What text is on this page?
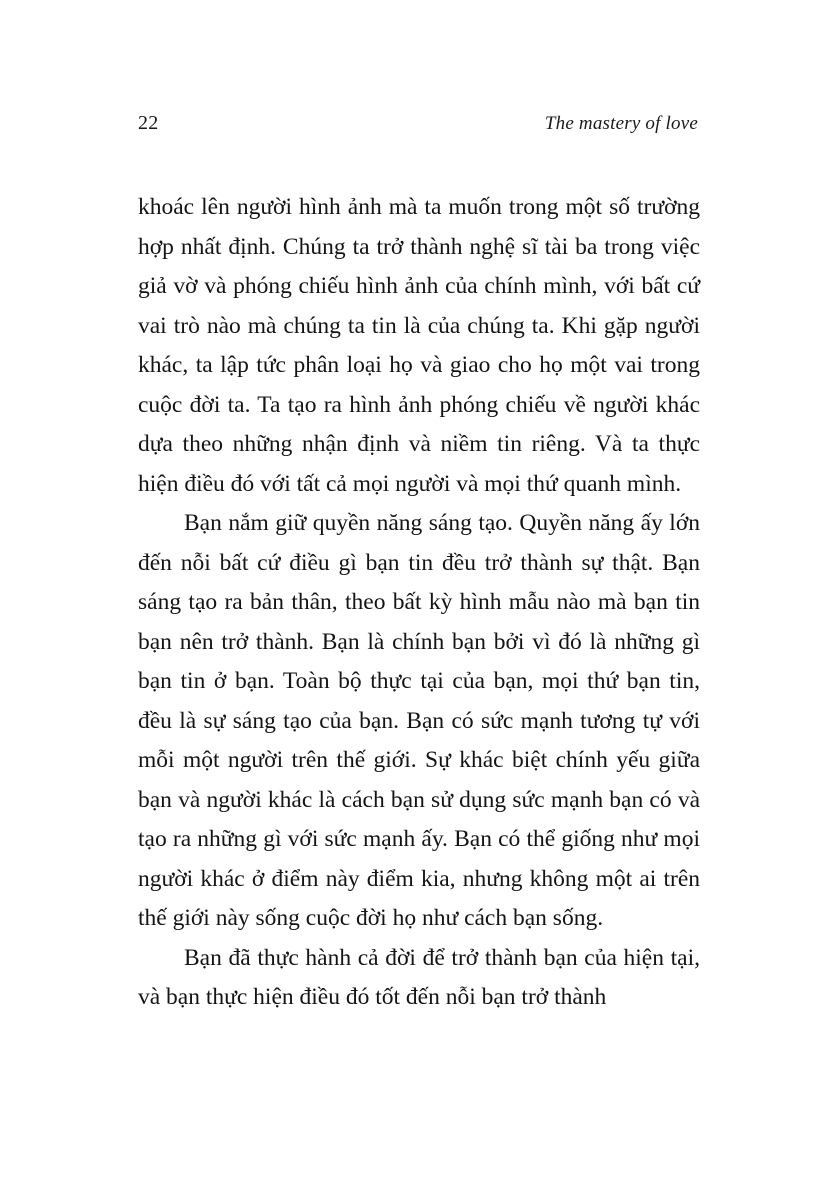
22	The mastery of love

khoác lên người hình ảnh mà ta muốn trong một số trường hợp nhất định. Chúng ta trở thành nghệ sĩ tài ba trong việc giả vờ và phóng chiếu hình ảnh của chính mình, với bất cứ vai trò nào mà chúng ta tin là của chúng ta. Khi gặp người khác, ta lập tức phân loại họ và giao cho họ một vai trong cuộc đời ta. Ta tạo ra hình ảnh phóng chiếu về người khác dựa theo những nhận định và niềm tin riêng. Và ta thực hiện điều đó với tất cả mọi người và mọi thứ quanh mình.

Bạn nắm giữ quyền năng sáng tạo. Quyền năng ấy lớn đến nỗi bất cứ điều gì bạn tin đều trở thành sự thật. Bạn sáng tạo ra bản thân, theo bất kỳ hình mẫu nào mà bạn tin bạn nên trở thành. Bạn là chính bạn bởi vì đó là những gì bạn tin ở bạn. Toàn bộ thực tại của bạn, mọi thứ bạn tin, đều là sự sáng tạo của bạn. Bạn có sức mạnh tương tự với mỗi một người trên thế giới. Sự khác biệt chính yếu giữa bạn và người khác là cách bạn sử dụng sức mạnh bạn có và tạo ra những gì với sức mạnh ấy. Bạn có thể giống như mọi người khác ở điểm này điểm kia, nhưng không một ai trên thế giới này sống cuộc đời họ như cách bạn sống.

Bạn đã thực hành cả đời để trở thành bạn của hiện tại, và bạn thực hiện điều đó tốt đến nỗi bạn trở thành
